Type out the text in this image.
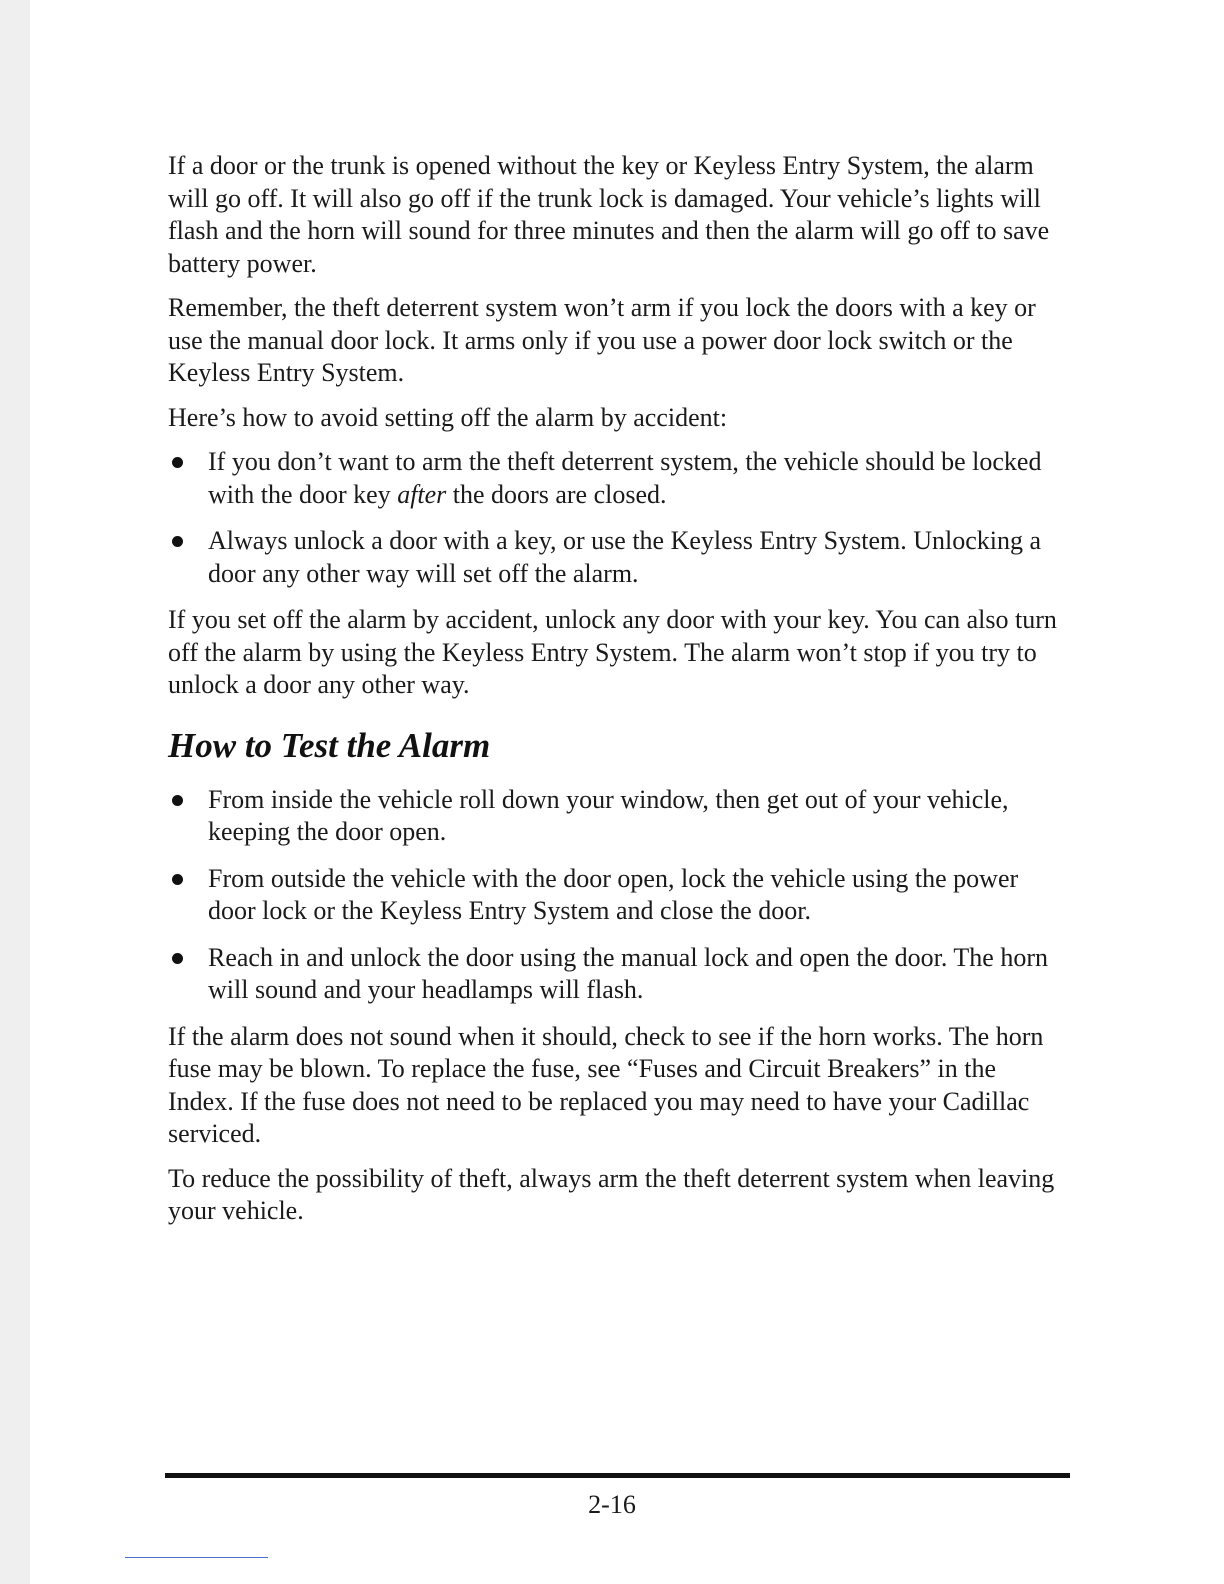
If a door or the trunk is opened without the key or Keyless Entry System, the alarm will go off. It will also go off if the trunk lock is damaged. Your vehicle’s lights will flash and the horn will sound for three minutes and then the alarm will go off to save battery power.

Remember, the theft deterrent system won’t arm if you lock the doors with a key or use the manual door lock. It arms only if you use a power door lock switch or the Keyless Entry System.

Here’s how to avoid setting off the alarm by accident:

If you don’t want to arm the theft deterrent system, the vehicle should be locked with the door key after the doors are closed.
Always unlock a door with a key, or use the Keyless Entry System. Unlocking a door any other way will set off the alarm.

If you set off the alarm by accident, unlock any door with your key. You can also turn off the alarm by using the Keyless Entry System. The alarm won’t stop if you try to unlock a door any other way.

How to Test the Alarm
From inside the vehicle roll down your window, then get out of your vehicle, keeping the door open.
From outside the vehicle with the door open, lock the vehicle using the power door lock or the Keyless Entry System and close the door.
Reach in and unlock the door using the manual lock and open the door. The horn will sound and your headlamps will flash.

If the alarm does not sound when it should, check to see if the horn works. The horn fuse may be blown. To replace the fuse, see “Fuses and Circuit Breakers” in the Index. If the fuse does not need to be replaced you may need to have your Cadillac serviced.

To reduce the possibility of theft, always arm the theft deterrent system when leaving your vehicle.

2-16
